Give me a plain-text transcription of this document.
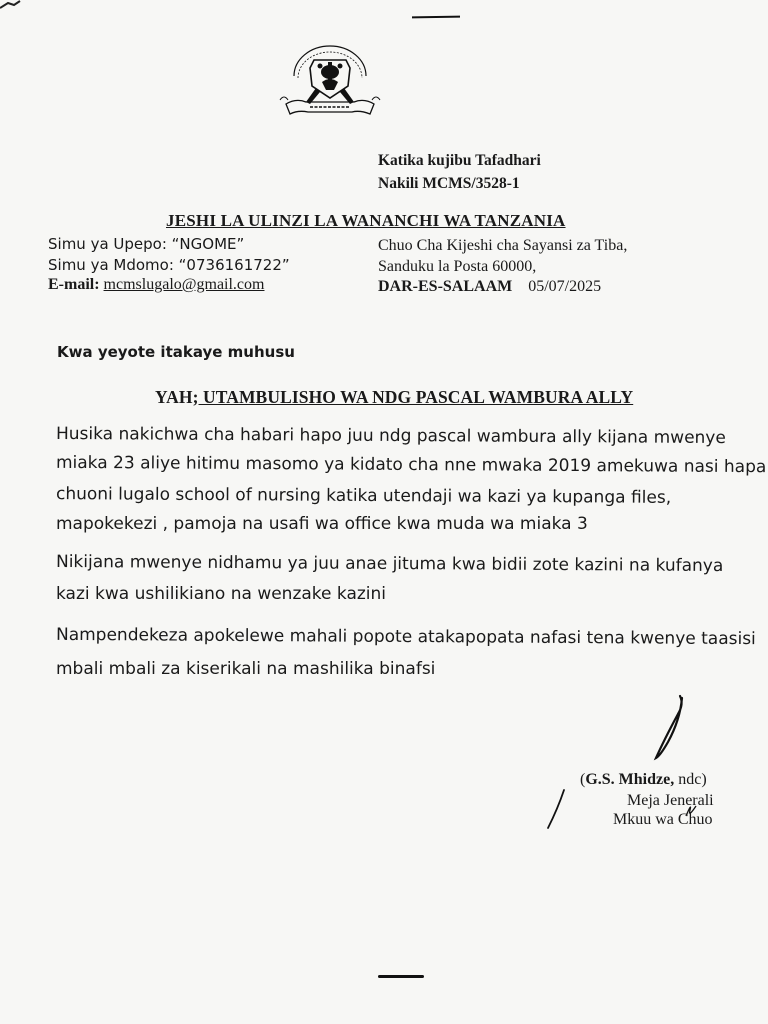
Katika kujibu Tafadhari
Nakili MCMS/3528-1
JESHI LA ULINZI LA WANANCHI WA TANZANIA
Simu ya Upepo: “NGOME”
Simu ya Mdomo: “0736161722”
E-mail: mcmslugalo@gmail.com
Chuo Cha Kijeshi cha Sayansi za Tiba,
Sanduku la Posta 60000,
DAR-ES-SALAAM 05/07/2025
Kwa yeyote itakaye muhusu
YAH; UTAMBULISHO WA NDG PASCAL WAMBURA ALLY
Husika nakichwa cha habari hapo juu ndg pascal wambura ally kijana mwenye
miaka 23 aliye hitimu masomo ya kidato cha nne mwaka 2019 amekuwa nasi hapa
chuoni lugalo school of nursing katika utendaji wa kazi ya kupanga files,
mapokekezi , pamoja na usafi wa office kwa muda wa miaka 3
Nikijana mwenye nidhamu ya juu anae jituma kwa bidii zote kazini na kufanya
kazi kwa ushilikiano na wenzake kazini
Nampendekeza apokelewe mahali popote atakapopata nafasi tena kwenye taasisi
mbali mbali za kiserikali na mashilika binafsi
(G.S. Mhidze, ndc)
Meja Jenerali
Mkuu wa Chuo
